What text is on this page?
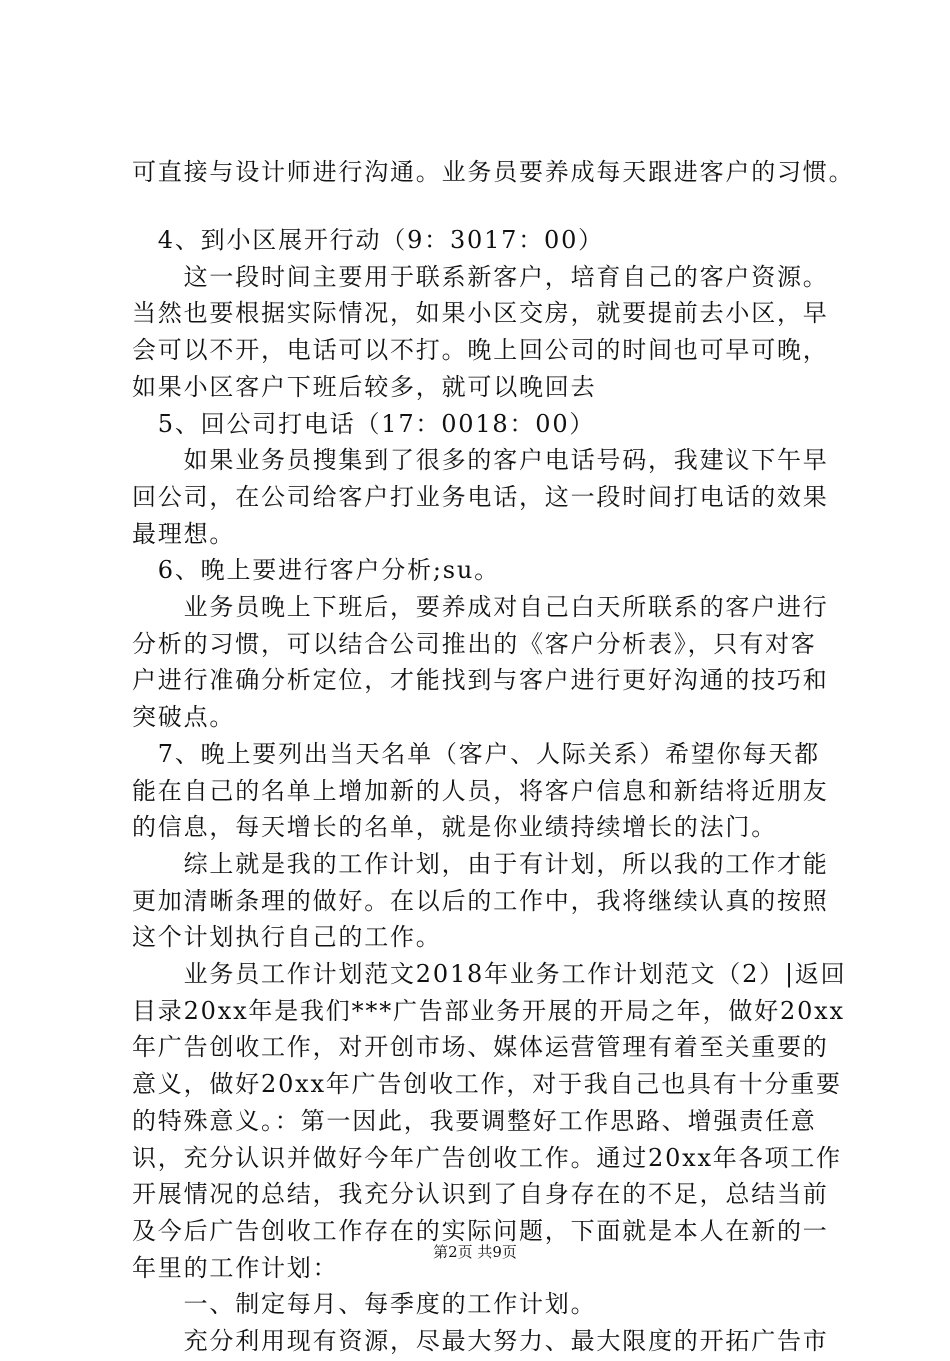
可直接与设计师进行沟通。业务员要养成每天跟进客户的习惯。
　4、到小区展开行动（9：3017：00）
　　这一段时间主要用于联系新客户，培育自己的客户资源。
当然也要根据实际情况，如果小区交房，就要提前去小区，早
会可以不开，电话可以不打。晚上回公司的时间也可早可晚，
如果小区客户下班后较多，就可以晚回去
　5、回公司打电话（17：0018：00）
　　如果业务员搜集到了很多的客户电话号码，我建议下午早
回公司，在公司给客户打业务电话，这一段时间打电话的效果
最理想。
　6、晚上要进行客户分析;su。
　　业务员晚上下班后，要养成对自己白天所联系的客户进行
分析的习惯，可以结合公司推出的《客户分析表》，只有对客
户进行准确分析定位，才能找到与客户进行更好沟通的技巧和
突破点。
　7、晚上要列出当天名单（客户、人际关系）希望你每天都
能在自己的名单上增加新的人员，将客户信息和新结将近朋友
的信息，每天增长的名单，就是你业绩持续增长的法门。
　　综上就是我的工作计划，由于有计划，所以我的工作才能
更加清晰条理的做好。在以后的工作中，我将继续认真的按照
这个计划执行自己的工作。
　　业务员工作计划范文2018年业务工作计划范文（2）|返回
目录20xx年是我们***广告部业务开展的开局之年，做好20xx
年广告创收工作，对开创市场、媒体运营管理有着至关重要的
意义，做好20xx年广告创收工作，对于我自己也具有十分重要
的特殊意义。：第一因此，我要调整好工作思路、增强责任意
识，充分认识并做好今年广告创收工作。通过20xx年各项工作
开展情况的总结，我充分认识到了自身存在的不足，总结当前
及今后广告创收工作存在的实际问题，下面就是本人在新的一
年里的工作计划：
　　一、制定每月、每季度的工作计划。
　　充分利用现有资源，尽最大努力、最大限度的开拓广告市
第2页 共9页
